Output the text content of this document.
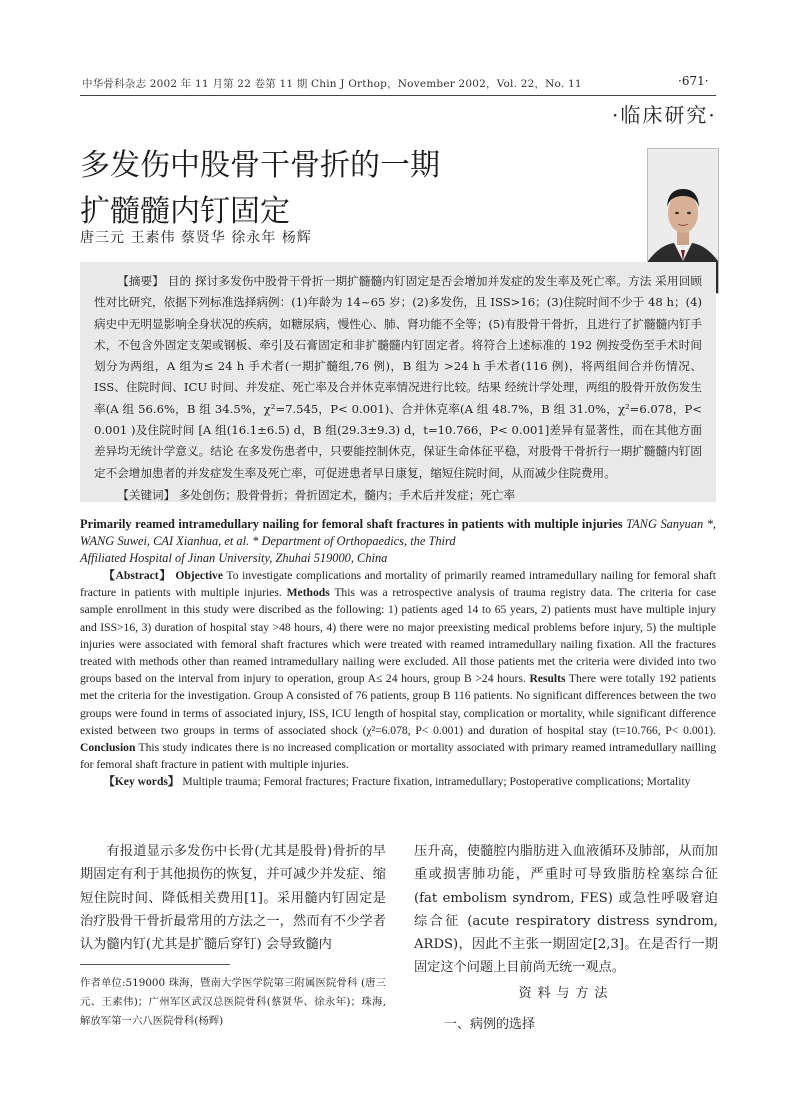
中华骨科杂志 2002 年 11 月第 22 卷第 11 期 Chin J Orthop，November 2002，Vol. 22，No. 11	·671·
·临床研究·
多发伤中股骨干骨折的一期
扩髓髓内钉固定
唐三元 王素伟 蔡贤华 徐永年 杨辉

【摘要】 目的 探讨多发伤中股骨干骨折一期扩髓髓内钉固定是否会增加并发症的发生率及死亡率。方法 采用回顾性对比研究，依据下列标准选择病例：(1)年龄为 14~65 岁；(2)多发伤，且 ISS>16；(3)住院时间不少于 48 h；(4)病史中无明显影响全身状况的疾病，如糖尿病，慢性心、肺、肾功能不全等；(5)有股骨干骨折，且进行了扩髓髓内钉手术，不包含外固定支架或钢板、牵引及石膏固定和非扩髓髓内钉固定者。将符合上述标准的 192 例按受伤至手术时间划分为两组，A 组为≤ 24 h 手术者(一期扩髓组,76 例)，B 组为 >24 h 手术者(116 例)，将两组间合并伤情况、ISS、住院时间、ICU 时间、并发症、死亡率及合并休克率情况进行比较。结果 经统计学处理，两组的股骨开放伤发生率(A 组 56.6%，B 组 34.5%，χ²=7.545，P< 0.001)、合并休克率(A 组 48.7%，B 组 31.0%，χ²=6.078，P< 0.001 )及住院时间 [A 组(16.1±6.5) d，B 组(29.3±9.3) d，t=10.766，P< 0.001]差异有显著性，而在其他方面差异均无统计学意义。结论 在多发伤患者中，只要能控制休克，保证生命体征平稳，对股骨干骨折行一期扩髓髓内钉固定不会增加患者的并发症发生率及死亡率，可促进患者早日康复，缩短住院时间，从而减少住院费用。

【关键词】 多处创伤；股骨骨折；骨折固定术，髓内；手术后并发症；死亡率

Primarily reamed intramedullary nailing for femoral shaft fractures in patients with multiple injuries TANG Sanyuan *, WANG Suwei, CAI Xianhua, et al. * Department of Orthopaedics, the Third

Affiliated Hospital of Jinan University, Zhuhai 519000, China

【Abstract】 Objective To investigate complications and mortality of primarily reamed intramedullary nailing for femoral shaft fracture in patients with multiple injuries. Methods This was a retrospective analysis of trauma registry data. The criteria for case sample enrollment in this study were discribed as the following: 1) patients aged 14 to 65 years, 2) patients must have multiple injury and ISS>16, 3) duration of hospital stay >48 hours, 4) there were no major preexisting medical problems before injury, 5) the multiple injuries were associated with femoral shaft fractures which were treated with reamed intramedullary nailing fixation. All the fractures treated with methods other than reamed intramedullary nailing were excluded. All those patients met the criteria were divided into two groups based on the interval from injury to operation, group A≤ 24 hours, group B >24 hours. Results There were totally 192 patients met the criteria for the investigation. Group A consisted of 76 patients, group B 116 patients. No significant differences between the two groups were found in terms of associated injury, ISS, ICU length of hospital stay, complication or mortality, while significant difference existed between two groups in terms of associated shock (χ²=6.078, P< 0.001) and duration of hospital stay (t=10.766, P< 0.001). Conclusion This study indicates there is no increased complication or mortality associated with primary reamed intramedullary nailling for femoral shaft fracture in patient with multiple injuries.

【Key words】 Multiple trauma; Femoral fractures; Fracture fixation, intramedullary; Postoperative complications; Mortality

有报道显示多发伤中长骨(尤其是股骨)骨折的早期固定有利于其他损伤的恢复，并可减少并发症、缩短住院时间、降低相关费用[1]。采用髓内钉固定是治疗股骨干骨折最常用的方法之一，然而有不少学者认为髓内钉(尤其是扩髓后穿钉) 会导致髓内

作者单位:519000 珠海，暨南大学医学院第三附属医院骨科 (唐三元、王素伟)；广州军区武汉总医院骨科(蔡贤华、徐永年)；珠海,解放军第一六八医院骨科(杨辉)

压升高，使髓腔内脂肪进入血液循环及肺部，从而加重或损害肺功能，严重时可导致脂肪栓塞综合征 (fat embolism syndrom, FES) 或急性呼吸窘迫综合征 (acute respiratory distress syndrom, ARDS)，因此不主张一期固定[2,3]。在是否行一期固定这个问题上目前尚无统一观点。

资料与方法
一、病例的选择
